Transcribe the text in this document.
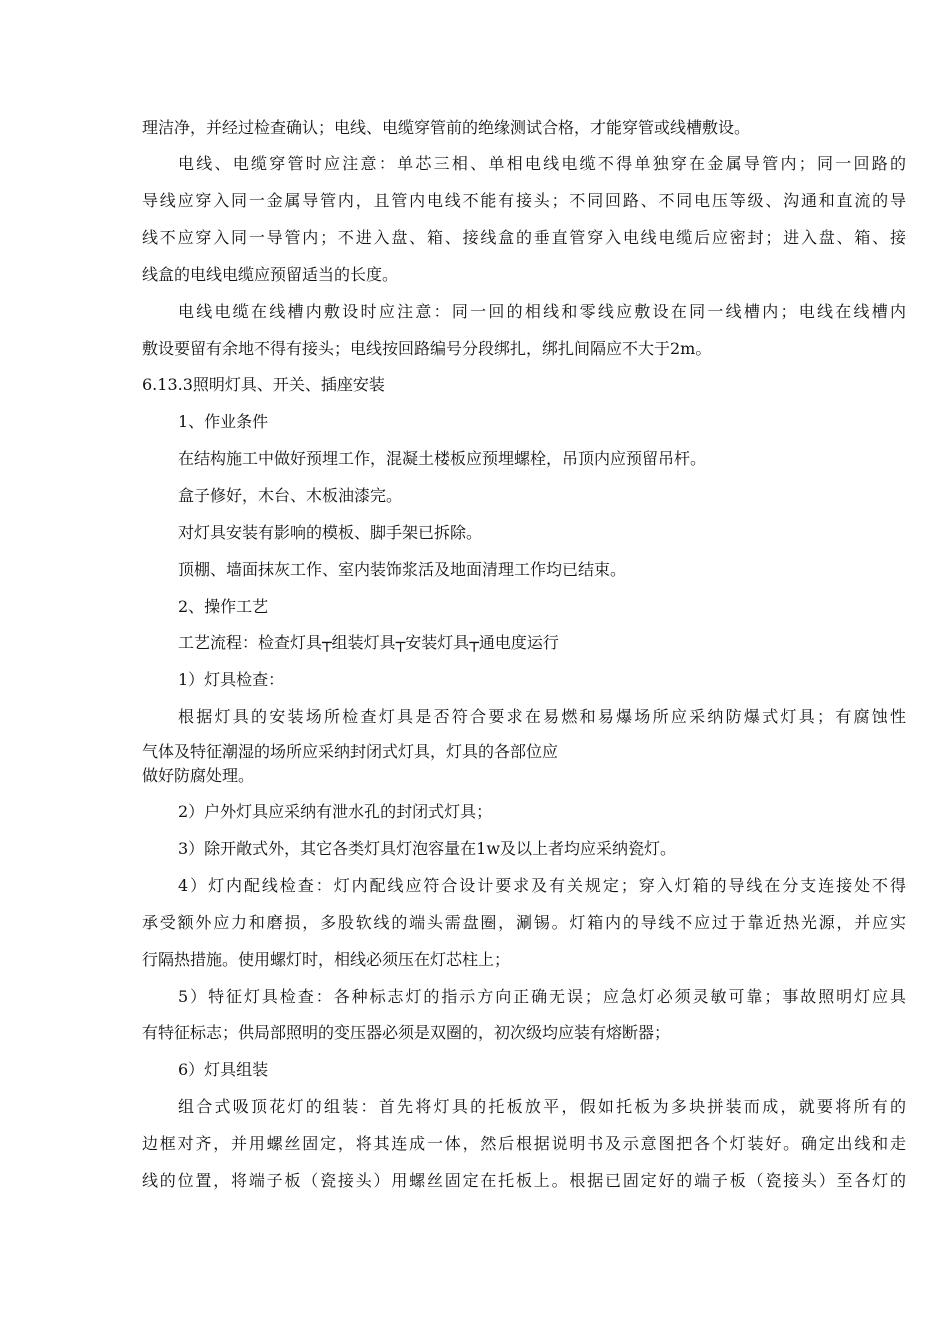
理洁净，并经过检查确认；电线、电缆穿管前的绝缘测试合格，才能穿管或线槽敷设。
电线、电缆穿管时应注意：单芯三相、单相电线电缆不得单独穿在金属导管内；同一回路的
导线应穿入同一金属导管内，且管内电线不能有接头；不同回路、不同电压等级、沟通和直流的导
线不应穿入同一导管内；不进入盘、箱、接线盒的垂直管穿入电线电缆后应密封；进入盘、箱、接
线盒的电线电缆应预留适当的长度。
电线电缆在线槽内敷设时应注意：同一回的相线和零线应敷设在同一线槽内；电线在线槽内
敷设要留有余地不得有接头；电线按回路编号分段绑扎，绑扎间隔应不大于2m。
6.13.3照明灯具、开关、插座安装
1、作业条件
在结构施工中做好预埋工作，混凝土楼板应预埋螺栓，吊顶内应预留吊杆。
盒子修好，木台、木板油漆完。
对灯具安装有影响的模板、脚手架已拆除。
顶棚、墙面抹灰工作、室内装饰浆活及地面清理工作均已结束。
2、操作工艺
工艺流程：检查灯具┬组装灯具┬安装灯具┬通电度运行
1）灯具检查：
根据灯具的安装场所检查灯具是否符合要求在易燃和易爆场所应采纳防爆式灯具；有腐蚀性
气体及特征潮湿的场所应采纳封闭式灯具，灯具的各部位应
做好防腐处理。
2）户外灯具应采纳有泄水孔的封闭式灯具；
3）除开敞式外，其它各类灯具灯泡容量在1w及以上者均应采纳瓷灯。
4）灯内配线检查：灯内配线应符合设计要求及有关规定；穿入灯箱的导线在分支连接处不得
承受额外应力和磨损，多股软线的端头需盘圈，涮锡。灯箱内的导线不应过于靠近热光源，并应实
行隔热措施。使用螺灯时，相线必须压在灯芯柱上；
5）特征灯具检查：各种标志灯的指示方向正确无误；应急灯必须灵敏可靠；事故照明灯应具
有特征标志；供局部照明的变压器必须是双圈的，初次级均应装有熔断器；
6）灯具组装
组合式吸顶花灯的组装：首先将灯具的托板放平，假如托板为多块拼装而成，就要将所有的
边框对齐，并用螺丝固定，将其连成一体，然后根据说明书及示意图把各个灯装好。确定出线和走
线的位置，将端子板（瓷接头）用螺丝固定在托板上。根据已固定好的端子板（瓷接头）至各灯的
